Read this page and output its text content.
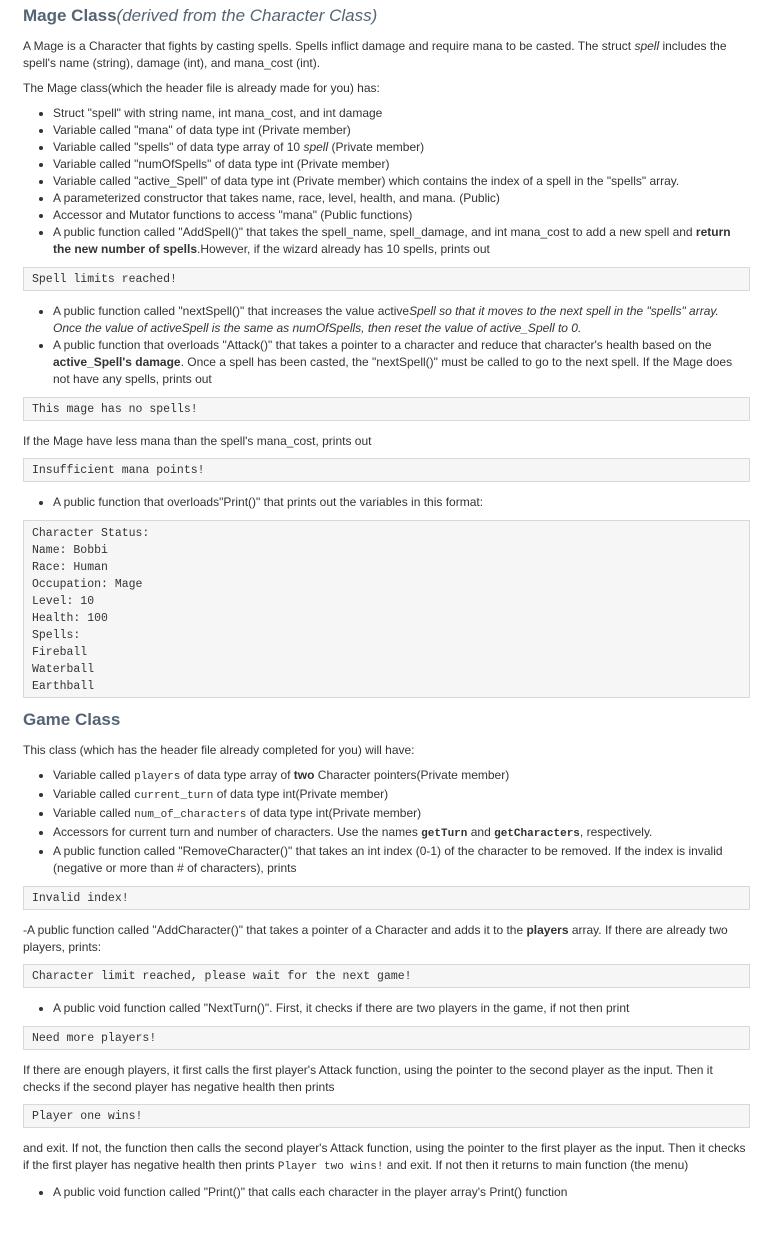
Mage Class(derived from the Character Class)

A Mage is a Character that fights by casting spells. Spells inflict damage and require mana to be casted. The struct spell includes the spell's name (string), damage (int), and mana_cost (int).

The Mage class(which the header file is already made for you) has:

• Struct "spell" with string name, int mana_cost, and int damage
• Variable called "mana" of data type int (Private member)
• Variable called "spells" of data type array of 10 spell (Private member)
• Variable called "numOfSpells" of data type int (Private member)
• Variable called "active_Spell" of data type int (Private member) which contains the index of a spell in the "spells" array.
• A parameterized constructor that takes name, race, level, health, and mana. (Public)
• Accessor and Mutator functions to access "mana" (Public functions)
• A public function called "AddSpell()" that takes the spell_name, spell_damage, and int mana_cost to add a new spell and return the new number of spells.However, if the wizard already has 10 spells, prints out
Spell limits reached!
• A public function called "nextSpell()" that increases the value activeSpell so that it moves to the next spell in the "spells" array. Once the value of activeSpell is the same as numOfSpells, then reset the value of active_Spell to 0.
• A public function that overloads "Attack()" that takes a pointer to a character and reduce that character's health based on the active_Spell's damage. Once a spell has been casted, the "nextSpell()" must be called to go to the next spell. If the Mage does not have any spells, prints out
This mage has no spells!

If the Mage have less mana than the spell's mana_cost, prints out

Insufficient mana points!
• A public function that overloads"Print()" that prints out the variables in this format:
Character Status:
Name: Bobbi
Race: Human
Occupation: Mage
Level: 10
Health: 100
Spells:
Fireball
Waterball
Earthball
Game Class

This class (which has the header file already completed for you) will have:

• Variable called players of data type array of two Character pointers(Private member)
• Variable called current_turn of data type int(Private member)
• Variable called num_of_characters of data type int(Private member)
• Accessors for current turn and number of characters. Use the names getTurn and getCharacters, respectively.
• A public function called "RemoveCharacter()" that takes an int index (0-1) of the character to be removed. If the index is invalid (negative or more than # of characters), prints
Invalid index!

-A public function called "AddCharacter()" that takes a pointer of a Character and adds it to the players array. If there are already two players, prints:

Character limit reached, please wait for the next game!
• A public void function called "NextTurn()". First, it checks if there are two players in the game, if not then print
Need more players!

If there are enough players, it first calls the first player's Attack function, using the pointer to the second player as the input. Then it checks if the second player has negative health then prints

Player one wins!

and exit. If not, the function then calls the second player's Attack function, using the pointer to the first player as the input. Then it checks if the first player has negative health then prints Player two wins! and exit. If not then it returns to main function (the menu)

• A public void function called "Print()" that calls each character in the player array's Print() function
